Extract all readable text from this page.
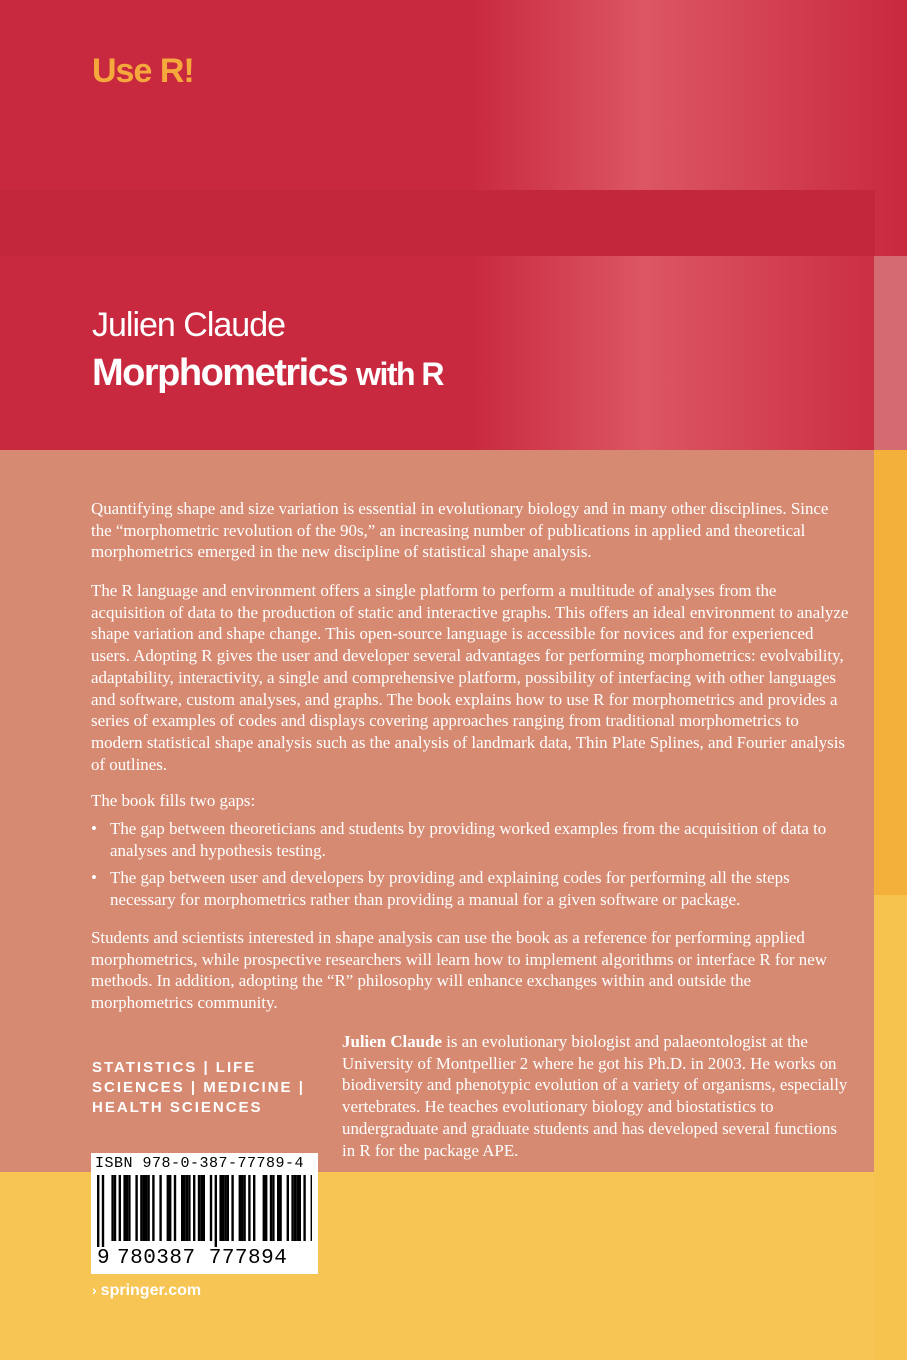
Use R!
Julien Claude
Morphometrics with R

Quantifying shape and size variation is essential in evolutionary biology and in many other disciplines. Since the “morphometric revolution of the 90s,” an increasing number of publications in applied and theoretical morphometrics emerged in the new discipline of statistical shape analysis.

The R language and environment offers a single platform to perform a multitude of analyses from the acquisition of data to the production of static and interactive graphs. This offers an ideal environment to analyze shape variation and shape change. This open-source language is accessible for novices and for experienced users. Adopting R gives the user and developer several advantages for performing morphometrics: evolvability, adaptability, interactivity, a single and comprehensive platform, possibility of interfacing with other languages and software, custom analyses, and graphs. The book explains how to use R for morphometrics and provides a series of examples of codes and displays covering approaches ranging from traditional morphometrics to modern statistical shape analysis such as the analysis of landmark data, Thin Plate Splines, and Fourier analysis of outlines.

The book fills two gaps:

• The gap between theoreticians and students by providing worked examples from the acquisition of data to analyses and hypothesis testing.
• The gap between user and developers by providing and explaining codes for performing all the steps necessary for morphometrics rather than providing a manual for a given software or package.

Students and scientists interested in shape analysis can use the book as a reference for performing applied morphometrics, while prospective researchers will learn how to implement algorithms or interface R for new methods. In addition, adopting the “R” philosophy will enhance exchanges within and outside the morphometrics community.

Julien Claude is an evolutionary biologist and palaeontologist at the University of Montpellier 2 where he got his Ph.D. in 2003. He works on biodiversity and phenotypic evolution of a variety of organisms, especially vertebrates. He teaches evolutionary biology and biostatistics to undergraduate and graduate students and has developed several functions in R for the package APE.

STATISTICS | LIFE
SCIENCES | MEDICINE |
HEALTH SCIENCES
ISBN 978-0-387-77789-4
9 780387 777894
› springer.com
